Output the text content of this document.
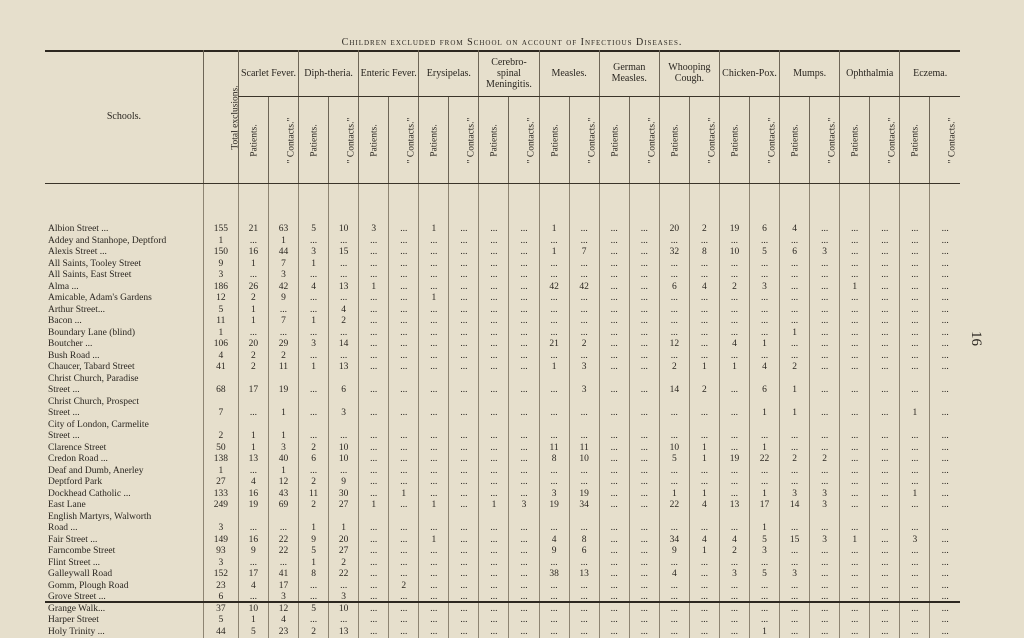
Children excluded from School on account of Infectious Diseases.
16
Schools.	Total exclusions.	Scarlet Fever.		Diph-theria.		Enteric Fever.		Erysipelas.		Cerebro-spinal Meningitis.		Measles.		German Measles.		Whooping Cough.		Chicken-Pox.		Mumps.		Ophthalmia		Eczema.	
		Patients.	" Contacts."	Patients.	" Contacts."	Patients.	" Contacts."	Patients.	" Contacts."	Patients.	" Contacts."	Patients.	" Contacts."	Patients.	" Contacts."	Patients.	" Contacts."	Patients.	" Contacts."	Patients.	" Contacts."	Patients.	" Contacts."	Patients.	" Contacts."
Albion Street ...	155	21	63	5	10	3	...	1	...	...	...	1	...	...	...	20	2	19	6	4	...	...	...	...	...
Addey and Stanhope, Deptford	1	...	1	...	...	...	...	...	...	...	...	...	...	...	...	...	...	...	...	...	...	...	...	...	...
Alexis Street ...	150	16	44	3	15	...	...	...	...	...	...	1	7	...	...	32	8	10	5	6	3	...	...	...	...
All Saints, Tooley Street	9	1	7	1	...	...	...	...	...	...	...	...	...	...	...	...	...	...	...	...	...	...	...	...	...
All Saints, East Street	3	...	3	...	...	...	...	...	...	...	...	...	...	...	...	...	...	...	...	...	...	...	...	...	...
Alma ...	186	26	42	4	13	1	...	...	...	...	...	42	42	...	...	6	4	2	3	...	...	1	...	...	...
Amicable, Adam's Gardens	12	2	9	...	...	...	...	1	...	...	...	...	...	...	...	...	...	...	...	...	...	...	...	...	...
Arthur Street...	5	1	...	...	4	...	...	...	...	...	...	...	...	...	...	...	...	...	...	...	...	...	...	...	...
Bacon ...	11	1	7	1	2	...	...	...	...	...	...	...	...	...	...	...	...	...	...	...	...	...	...	...	...
Boundary Lane (blind)	1	...	...	...	...	...	...	...	...	...	...	...	...	...	...	...	...	...	...	1	...	...	...	...	...
Boutcher ...	106	20	29	3	14	...	...	...	...	...	...	21	2	...	...	12	...	4	1	...	...	...	...	...	...
Bush Road ...	4	2	2	...	...	...	...	...	...	...	...	...	...	...	...	...	...	...	...	...	...	...	...	...	...
Chaucer, Tabard Street	41	2	11	1	13	...	...	...	...	...	...	1	3	...	...	2	1	1	4	2	...	...	...	...	...
Christ Church, Paradise																									
Street ...	68	17	19	...	6	...	...	...	...	...	...	...	3	...	...	14	2	...	6	1	...	...	...	...	...
Christ Church, Prospect																									
Street ...	7	...	1	...	3	...	...	...	...	...	...	...	...	...	...	...	...	...	1	1	...	...	...	1	...
City of London, Carmelite																									
Street ...	2	1	1	...	...	...	...	...	...	...	...	...	...	...	...	...	...	...	...	...	...	...	...	...	...
Clarence Street	50	1	3	2	10	...	...	...	...	...	...	11	11	...	...	10	1	...	1	...	...	...	...	...	...
Credon Road ...	138	13	40	6	10	...	...	...	...	...	...	8	10	...	...	5	1	19	22	2	2	...	...	...	...
Deaf and Dumb, Anerley	1	...	1	...	...	...	...	...	...	...	...	...	...	...	...	...	...	...	...	...	...	...	...	...	...
Deptford Park	27	4	12	2	9	...	...	...	...	...	...	...	...	...	...	...	...	...	...	...	...	...	...	...	...
Dockhead Catholic ...	133	16	43	11	30	...	1	...	...	...	...	3	19	...	...	1	1	...	1	3	3	...	...	1	...
East Lane	249	19	69	2	27	1	...	1	...	1	3	19	34	...	...	22	4	13	17	14	3	...	...	...	...
English Martyrs, Walworth																									
Road ...	3	...	...	1	1	...	...	...	...	...	...	...	...	...	...	...	...	...	1	...	...	...	...	...	...
Fair Street ...	149	16	22	9	20	...	...	1	...	...	...	4	8	...	...	34	4	4	5	15	3	1	...	3	...
Farncombe Street	93	9	22	5	27	...	...	...	...	...	...	9	6	...	...	9	1	2	3	...	...	...	...	...	...
Flint Street ...	3	...	...	1	2	...	...	...	...	...	...	...	...	...	...	...	...	...	...	...	...	...	...	...	...
Galleywall Road	152	17	41	8	22	...	...	...	...	...	...	38	13	...	...	4	...	3	5	3	...	...	...	...	...
Gomm, Plough Road	23	4	17	...	...	...	2	...	...	...	...	...	...	...	...	...	...	...	...	...	...	...	...	...	...
Grove Street ...	6	...	3	...	3	...	...	...	...	...	...	...	...	...	...	...	...	...	...	...	...	...	...	...	...
Grange Walk...	37	10	12	5	10	...	...	...	...	...	...	...	...	...	...	...	...	...	...	...	...	...	...	...	...
Harper Street	5	1	4	...	...	...	...	...	...	...	...	...	...	...	...	...	...	...	...	...	...	...	...	...	...
Holy Trinity ...	44	5	23	2	13	...	...	...	...	...	...	...	...	...	...	...	...	...	1	...	...	...	...	...	...
